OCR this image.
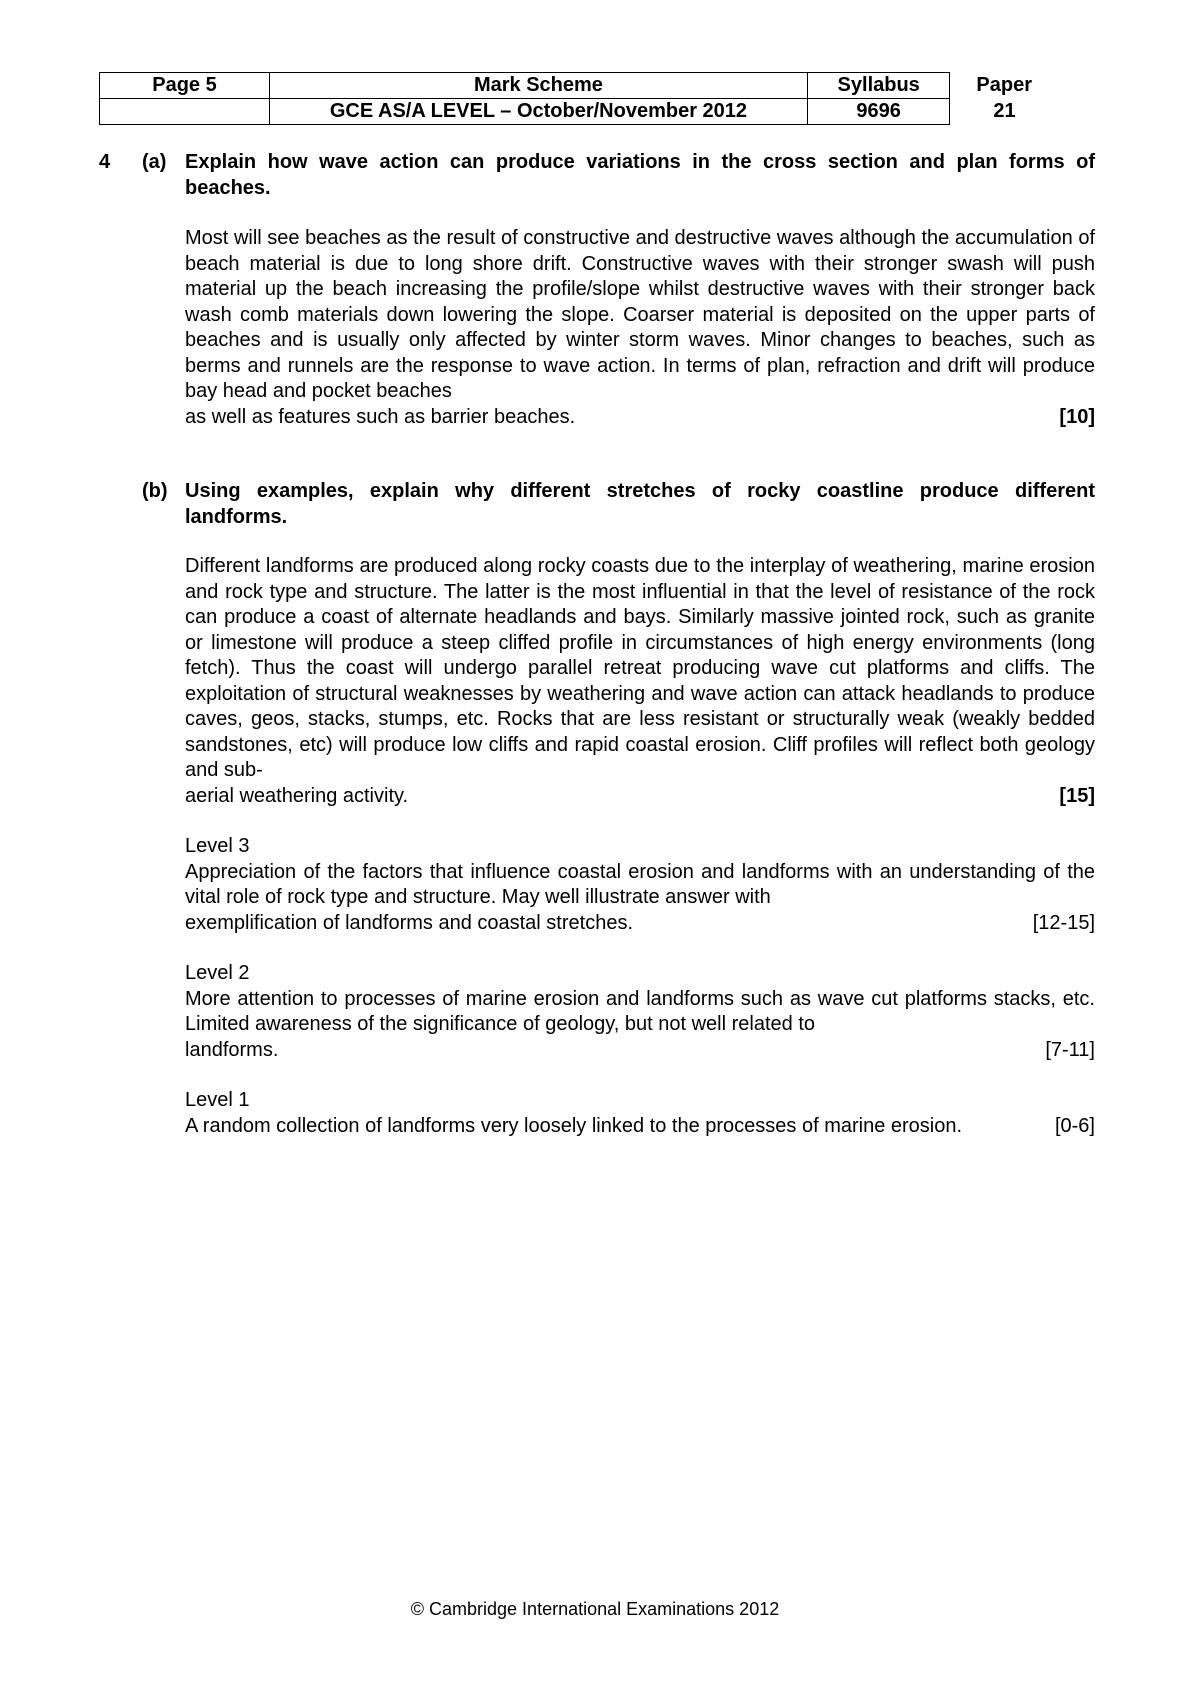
Page 5	Mark Scheme	Syllabus	Paper
	GCE AS/A LEVEL – October/November 2012	9696	21
4 (a) Explain how wave action can produce variations in the cross section and plan forms of beaches.
Most will see beaches as the result of constructive and destructive waves although the accumulation of beach material is due to long shore drift. Constructive waves with their stronger swash will push material up the beach increasing the profile/slope whilst destructive waves with their stronger back wash comb materials down lowering the slope. Coarser material is deposited on the upper parts of beaches and is usually only affected by winter storm waves. Minor changes to beaches, such as berms and runnels are the response to wave action. In terms of plan, refraction and drift will produce bay head and pocket beaches
as well as features such as barrier beaches.	[10]
(b) Using examples, explain why different stretches of rocky coastline produce different landforms.
Different landforms are produced along rocky coasts due to the interplay of weathering, marine erosion and rock type and structure. The latter is the most influential in that the level of resistance of the rock can produce a coast of alternate headlands and bays. Similarly massive jointed rock, such as granite or limestone will produce a steep cliffed profile in circumstances of high energy environments (long fetch). Thus the coast will undergo parallel retreat producing wave cut platforms and cliffs. The exploitation of structural weaknesses by weathering and wave action can attack headlands to produce caves, geos, stacks, stumps, etc. Rocks that are less resistant or structurally weak (weakly bedded sandstones, etc) will produce low cliffs and rapid coastal erosion. Cliff profiles will reflect both geology and sub-
aerial weathering activity.	[15]
Level 3
Appreciation of the factors that influence coastal erosion and landforms with an understanding of the vital role of rock type and structure. May well illustrate answer with
exemplification of landforms and coastal stretches.	[12-15]
Level 2
More attention to processes of marine erosion and landforms such as wave cut platforms stacks, etc. Limited awareness of the significance of geology, but not well related to
landforms.	[7-11]
Level 1
A random collection of landforms very loosely linked to the processes of marine erosion.	[0-6]
© Cambridge International Examinations 2012
